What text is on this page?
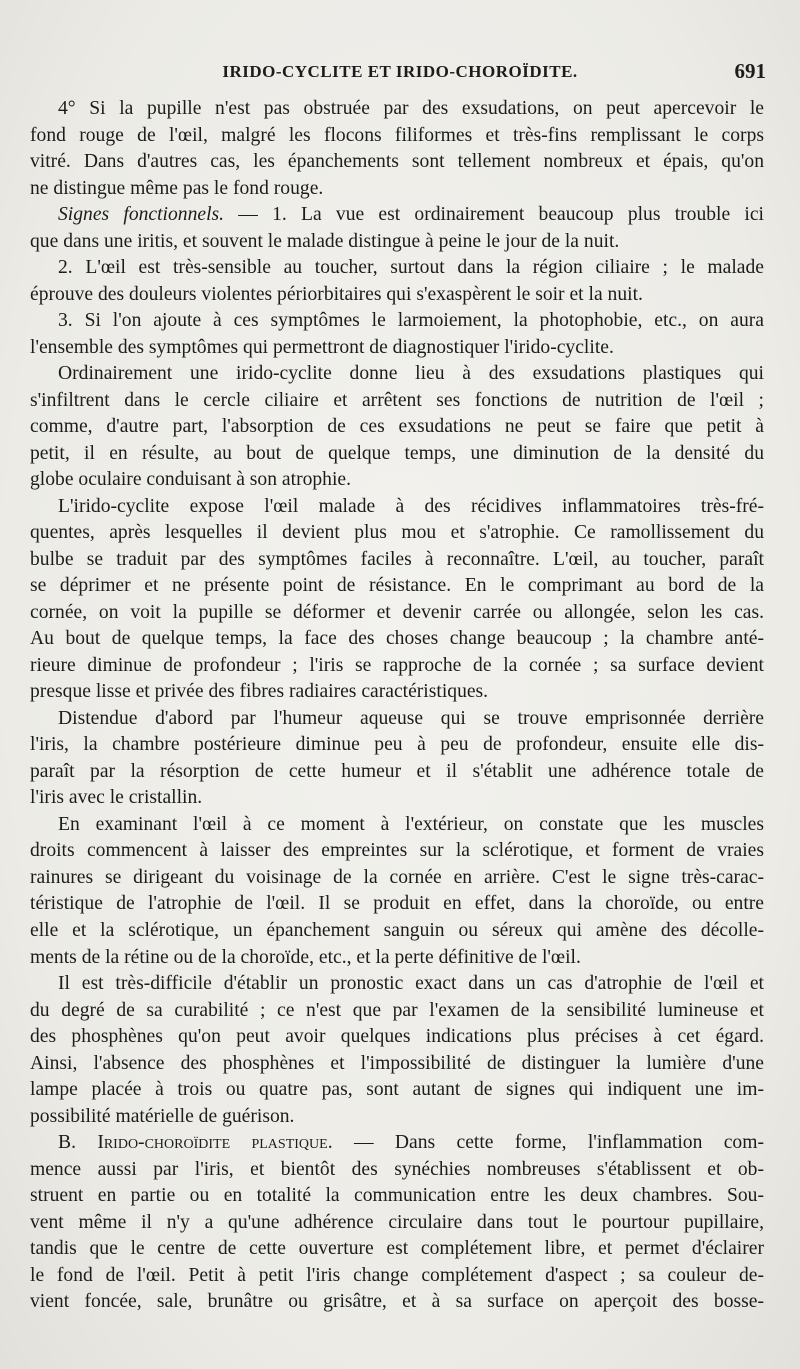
IRIDO-CYCLITE ET IRIDO-CHOROÏDITE.	691
4° Si la pupille n'est pas obstruée par des exsudations, on peut apercevoir le
fond rouge de l'œil, malgré les flocons filiformes et très-fins remplissant le corps
vitré. Dans d'autres cas, les épanchements sont tellement nombreux et épais, qu'on
ne distingue même pas le fond rouge.
Signes fonctionnels. — 1. La vue est ordinairement beaucoup plus trouble ici
que dans une iritis, et souvent le malade distingue à peine le jour de la nuit.
2. L'œil est très-sensible au toucher, surtout dans la région ciliaire ; le malade
éprouve des douleurs violentes périorbitaires qui s'exaspèrent le soir et la nuit.
3. Si l'on ajoute à ces symptômes le larmoiement, la photophobie, etc., on aura
l'ensemble des symptômes qui permettront de diagnostiquer l'irido-cyclite.
Ordinairement une irido-cyclite donne lieu à des exsudations plastiques qui
s'infiltrent dans le cercle ciliaire et arrêtent ses fonctions de nutrition de l'œil ;
comme, d'autre part, l'absorption de ces exsudations ne peut se faire que petit à
petit, il en résulte, au bout de quelque temps, une diminution de la densité du
globe oculaire conduisant à son atrophie.
L'irido-cyclite expose l'œil malade à des récidives inflammatoires très-fré-
quentes, après lesquelles il devient plus mou et s'atrophie. Ce ramollissement du
bulbe se traduit par des symptômes faciles à reconnaître. L'œil, au toucher, paraît
se déprimer et ne présente point de résistance. En le comprimant au bord de la
cornée, on voit la pupille se déformer et devenir carrée ou allongée, selon les cas.
Au bout de quelque temps, la face des choses change beaucoup ; la chambre anté-
rieure diminue de profondeur ; l'iris se rapproche de la cornée ; sa surface devient
presque lisse et privée des fibres radiaires caractéristiques.
Distendue d'abord par l'humeur aqueuse qui se trouve emprisonnée derrière
l'iris, la chambre postérieure diminue peu à peu de profondeur, ensuite elle dis-
paraît par la résorption de cette humeur et il s'établit une adhérence totale de
l'iris avec le cristallin.
En examinant l'œil à ce moment à l'extérieur, on constate que les muscles
droits commencent à laisser des empreintes sur la sclérotique, et forment de vraies
rainures se dirigeant du voisinage de la cornée en arrière. C'est le signe très-carac-
téristique de l'atrophie de l'œil. Il se produit en effet, dans la choroïde, ou entre
elle et la sclérotique, un épanchement sanguin ou séreux qui amène des décolle-
ments de la rétine ou de la choroïde, etc., et la perte définitive de l'œil.
Il est très-difficile d'établir un pronostic exact dans un cas d'atrophie de l'œil et
du degré de sa curabilité ; ce n'est que par l'examen de la sensibilité lumineuse et
des phosphènes qu'on peut avoir quelques indications plus précises à cet égard.
Ainsi, l'absence des phosphènes et l'impossibilité de distinguer la lumière d'une
lampe placée à trois ou quatre pas, sont autant de signes qui indiquent une im-
possibilité matérielle de guérison.
B. Irido-choroïdite plastique. — Dans cette forme, l'inflammation com-
mence aussi par l'iris, et bientôt des synéchies nombreuses s'établissent et ob-
struent en partie ou en totalité la communication entre les deux chambres. Sou-
vent même il n'y a qu'une adhérence circulaire dans tout le pourtour pupillaire,
tandis que le centre de cette ouverture est complétement libre, et permet d'éclairer
le fond de l'œil. Petit à petit l'iris change complétement d'aspect ; sa couleur de-
vient foncée, sale, brunâtre ou grisâtre, et à sa surface on aperçoit des bosse-
